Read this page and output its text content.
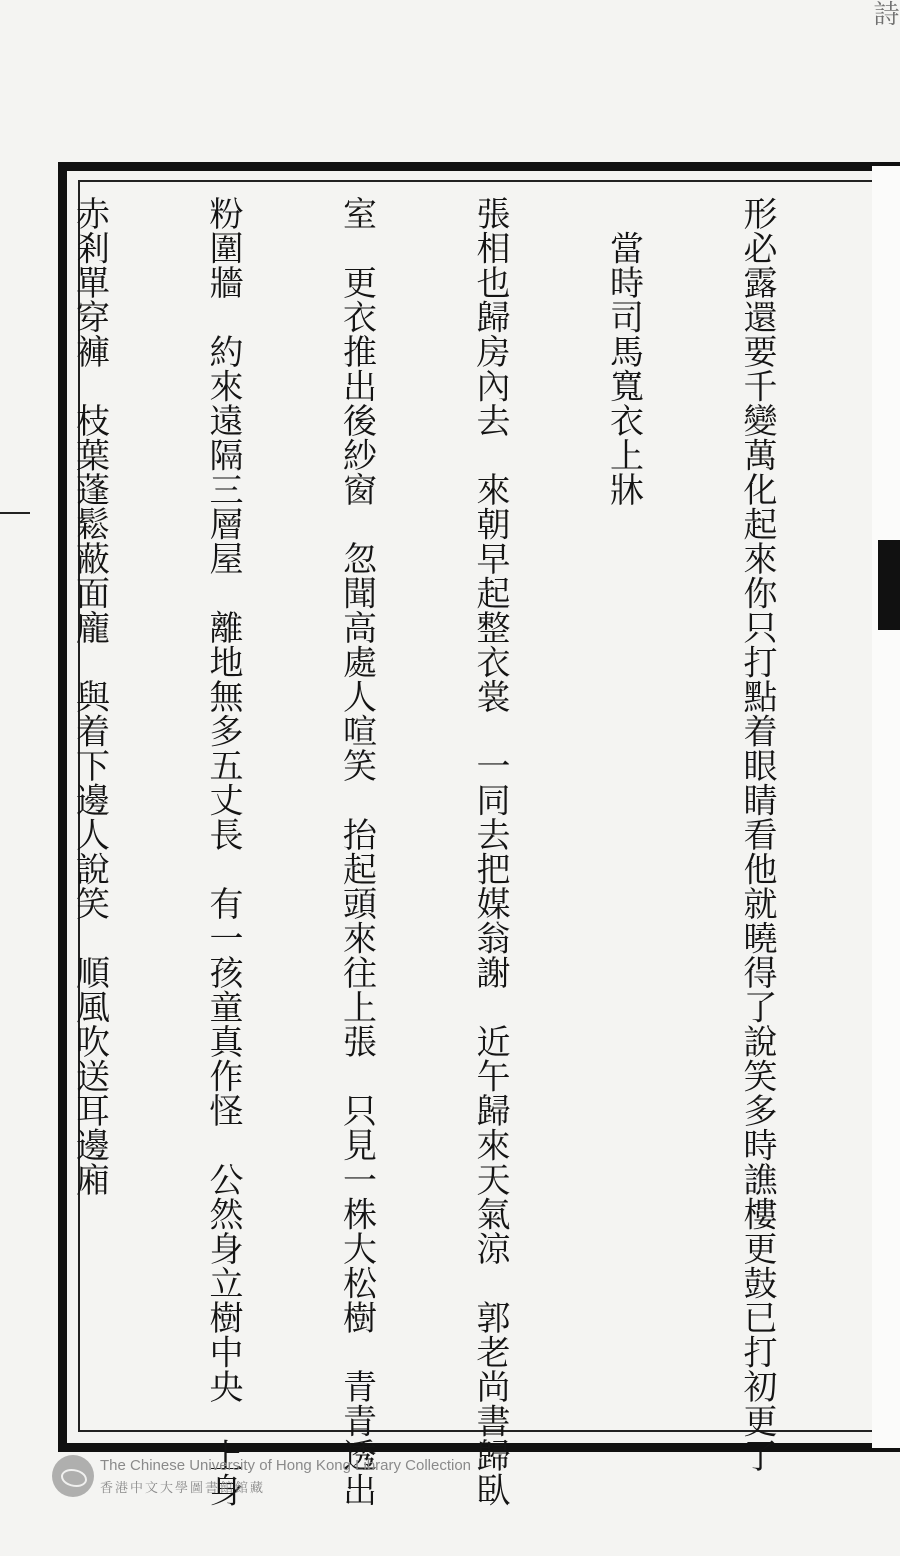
詩

形必露還要千變萬化起來你只打點着眼睛看他就曉得了說笑多時譙樓更鼓已打初更了

　當時司馬寬衣上牀

張相也歸房內去　來朝早起整衣裳　一同去把媒翁謝　近午歸來天氣涼　郭老尚書歸臥

室　更衣推出後紗窗　忽聞高處人喧笑　抬起頭來往上張　只見一株大松樹　青青透出

粉圍牆　約來遠隔三層屋　離地無多五丈長　有一孩童真作怪　公然身立樹中央　上身

赤剎單穿褲　枝葉蓬鬆蔽面龐　與着下邊人說笑　順風吹送耳邊廂

The Chinese University of Hong Kong Library Collection
香港中文大學圖書館館藏
